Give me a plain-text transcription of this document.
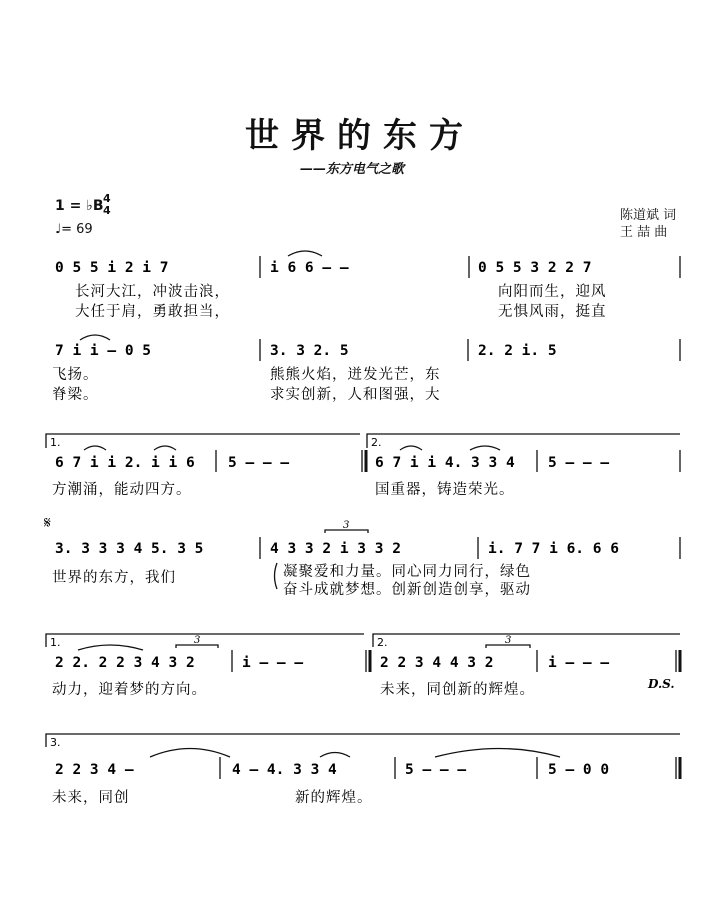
世界的东方
——东方电气之歌
1 = ♭B 4
4
♩= 69
陈道斌 词
王 喆 曲
0 5 5 i 2 i 7	i 6 6 – –	0 5 5 3 2 2 7
长河大江，冲波击浪，	向阳而生，迎风
大任于肩，勇敢担当，	无惧风雨，挺直
7 i i – 0 5	3. 3 2. 5	2. 2 i. 5
飞扬。	熊熊火焰，迸发光芒，东
脊梁。	求实创新，人和图强，大
1.	2.
6 7 i i 2. i i 6 5 – – –	6 7 i i 4. 3 3 4 5 – – –
方潮涌，能动四方。	国重器，铸造荣光。
𝄋	3
3. 3 3 3 4 5. 3 5	4 3 3 2 i 3 3 2	i. 7 7 i 6. 6 6
世界的东方，我们	凝聚爱和力量。同心同力同行，绿色
奋斗成就梦想。创新创造创享，驱动
1.	2.
3	3
2 2. 2 2 3 4 3 2	i – – –	2 2 3 4 4 3 2	i – – –
动力，迎着梦的方向。	未来，同创新的辉煌。	D.S.
3.
2 2 3 4 –	4 – 4. 3 3 4	5 – – –	5 – 0 0
未来，同创	新的辉煌。
